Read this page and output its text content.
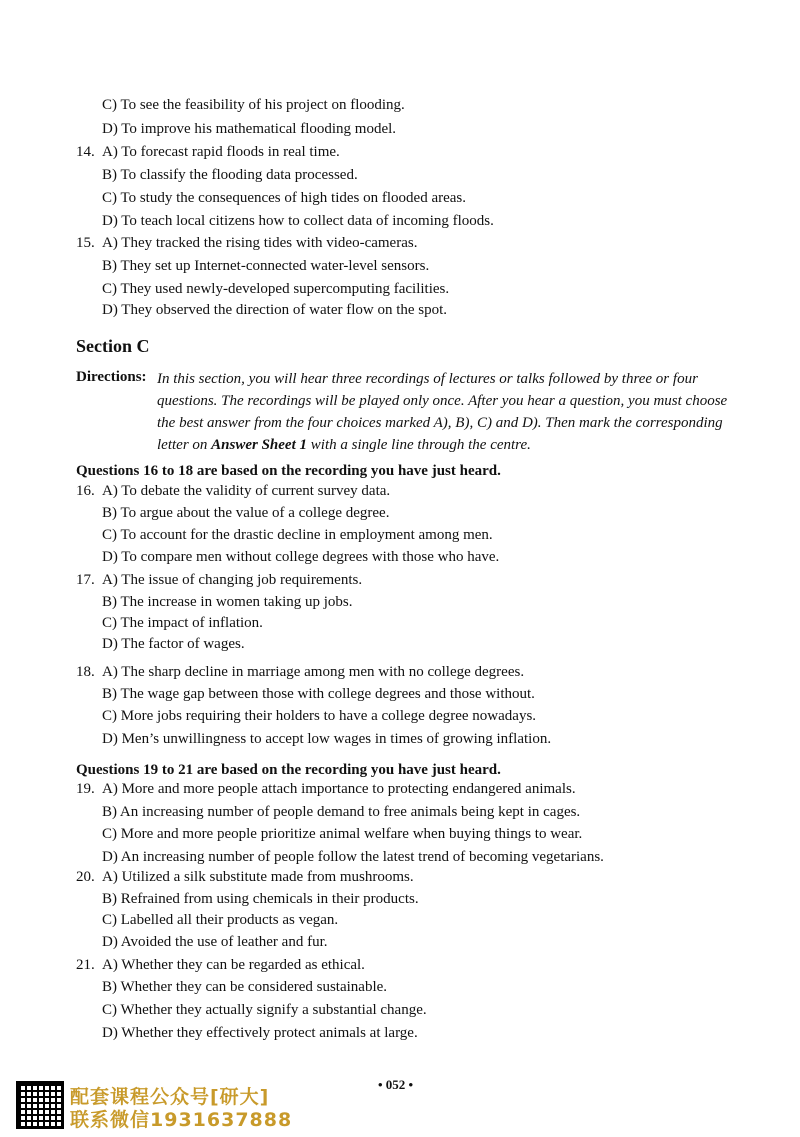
C) To see the feasibility of his project on flooding.
D) To improve his mathematical flooding model.
14. A) To forecast rapid floods in real time.
B) To classify the flooding data processed.
C) To study the consequences of high tides on flooded areas.
D) To teach local citizens how to collect data of incoming floods.
15. A) They tracked the rising tides with video-cameras.
B) They set up Internet-connected water-level sensors.
C) They used newly-developed supercomputing facilities.
D) They observed the direction of water flow on the spot.
Section C
Directions: In this section, you will hear three recordings of lectures or talks followed by three or four
questions. The recordings will be played only once. After you hear a question, you must choose
the best answer from the four choices marked A), B), C) and D). Then mark the corresponding
letter on Answer Sheet 1 with a single line through the centre.
Questions 16 to 18 are based on the recording you have just heard.
16. A) To debate the validity of current survey data.
B) To argue about the value of a college degree.
C) To account for the drastic decline in employment among men.
D) To compare men without college degrees with those who have.
17. A) The issue of changing job requirements.
B) The increase in women taking up jobs.
C) The impact of inflation.
D) The factor of wages.
18. A) The sharp decline in marriage among men with no college degrees.
B) The wage gap between those with college degrees and those without.
C) More jobs requiring their holders to have a college degree nowadays.
D) Men’s unwillingness to accept low wages in times of growing inflation.
Questions 19 to 21 are based on the recording you have just heard.
19. A) More and more people attach importance to protecting endangered animals.
B) An increasing number of people demand to free animals being kept in cages.
C) More and more people prioritize animal welfare when buying things to wear.
D) An increasing number of people follow the latest trend of becoming vegetarians.
20. A) Utilized a silk substitute made from mushrooms.
B) Refrained from using chemicals in their products.
C) Labelled all their products as vegan.
D) Avoided the use of leather and fur.
21. A) Whether they can be regarded as ethical.
B) Whether they can be considered sustainable.
C) Whether they actually signify a substantial change.
D) Whether they effectively protect animals at large.
• 052 •
配套课程公众号[研大]
联系微信1931637888
